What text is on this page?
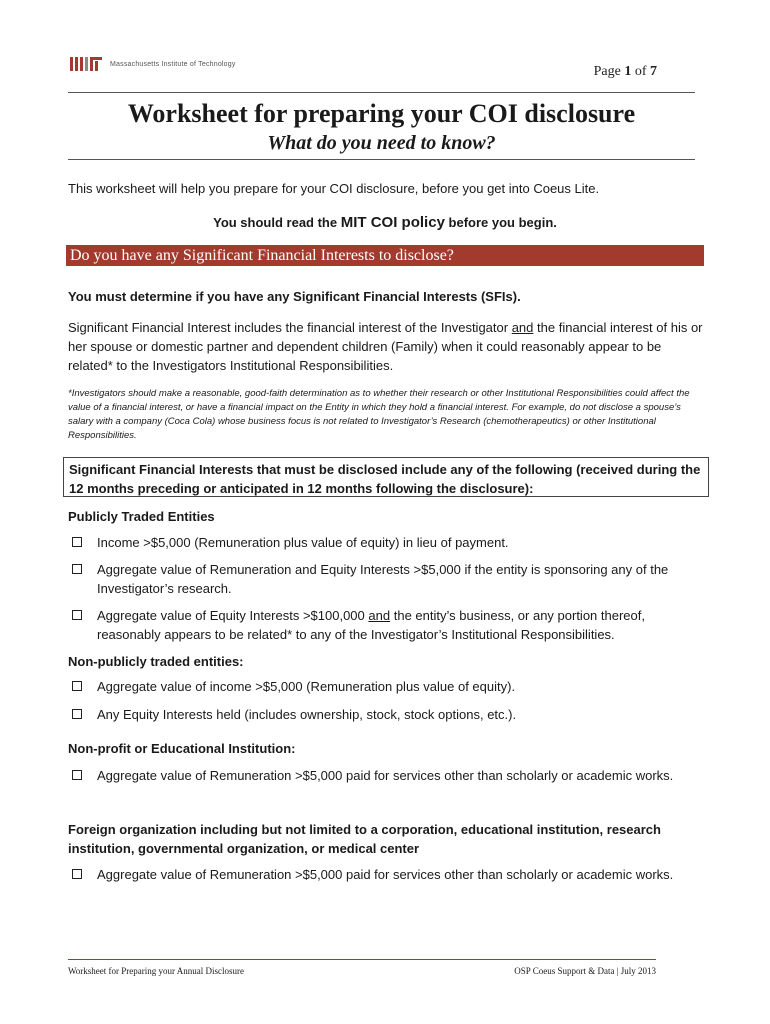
Massachusetts Institute of Technology	Page 1 of 7
Worksheet for preparing your COI disclosure
What do you need to know?
This worksheet will help you prepare for your COI disclosure, before you get into Coeus Lite.
You should read the MIT COI policy before you begin.
Do you have any Significant Financial Interests to disclose?
You must determine if you have any Significant Financial Interests (SFIs).
Significant Financial Interest includes the financial interest of the Investigator and the financial interest of his or her spouse or domestic partner and dependent children (Family) when it could reasonably appear to be related* to the Investigators Institutional Responsibilities.
*Investigators should make a reasonable, good-faith determination as to whether their research or other Institutional Responsibilities could affect the value of a financial interest, or have a financial impact on the Entity in which they hold a financial interest. For example, do not disclose a spouse’s salary with a company (Coca Cola) whose business focus is not related to Investigator’s Research (chemotherapeutics) or other Institutional Responsibilities.
Significant Financial Interests that must be disclosed include any of the following (received during the 12 months preceding or anticipated in 12 months following the disclosure):
Publicly Traded Entities
Income >$5,000 (Remuneration plus value of equity) in lieu of payment.
Aggregate value of Remuneration and Equity Interests >$5,000 if the entity is sponsoring any of the Investigator’s research.
Aggregate value of Equity Interests >$100,000 and the entity’s business, or any portion thereof, reasonably appears to be related* to any of the Investigator’s Institutional Responsibilities.
Non-publicly traded entities:
Aggregate value of income >$5,000 (Remuneration plus value of equity).
Any Equity Interests held (includes ownership, stock, stock options, etc.).
Non-profit or Educational Institution:
Aggregate value of Remuneration >$5,000 paid for services other than scholarly or academic works.
Foreign organization including but not limited to a corporation, educational institution, research institution, governmental organization, or medical center
Aggregate value of Remuneration >$5,000 paid for services other than scholarly or academic works.
Worksheet for Preparing your Annual Disclosure	OSP Coeus Support & Data | July 2013
